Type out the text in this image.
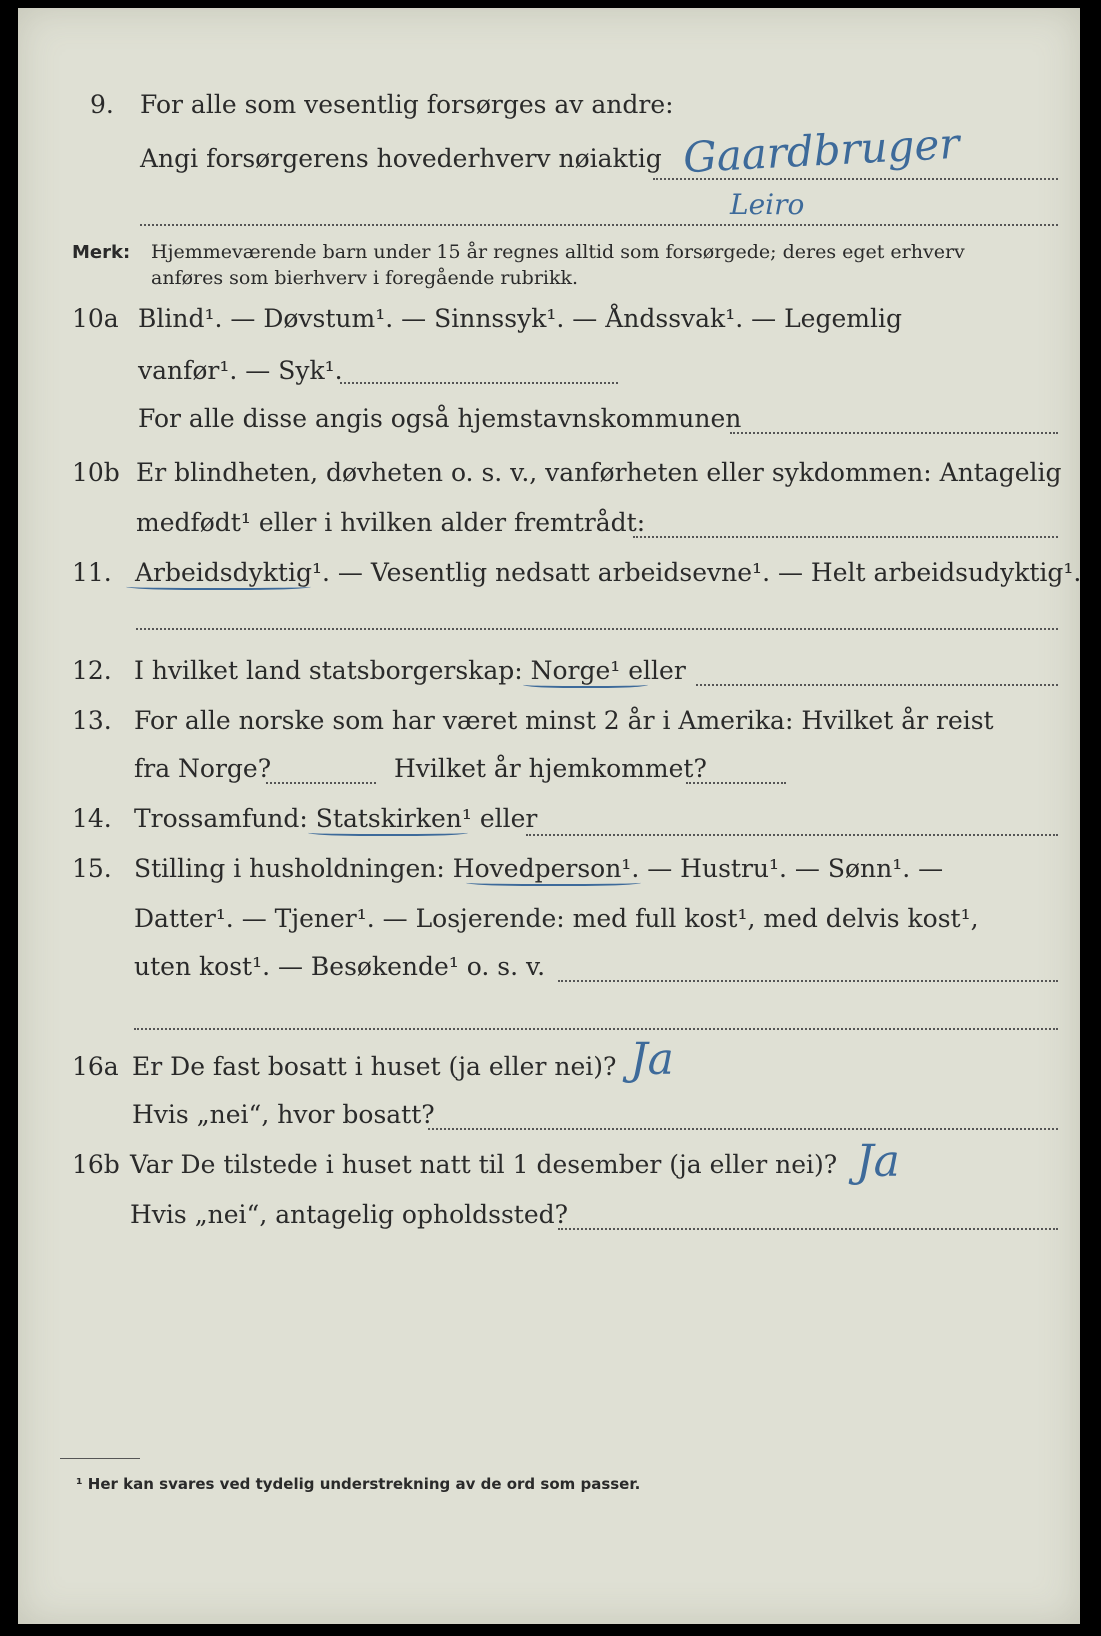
9. For alle som vesentlig forsørges av andre:
Angi forsørgerens hovederhverv nøiaktig Gaardbruger
Leiro
Merk: Hjemmeværende barn under 15 år regnes alltid som forsørgede; deres eget erhverv
anføres som bierhverv i foregående rubrikk.
10a Blind¹. — Døvstum¹. — Sinnssyk¹. — Åndssvak¹. — Legemlig
vanfør¹. — Syk¹.
For alle disse angis også hjemstavnskommunen
10b Er blindheten, døvheten o. s. v., vanførheten eller sykdommen: Antagelig
medfødt¹ eller i hvilken alder fremtrådt:
11. Arbeidsdyktig¹. — Vesentlig nedsatt arbeidsevne¹. — Helt arbeidsudyktig¹.
12. I hvilket land statsborgerskap: Norge¹ eller
13. For alle norske som har været minst 2 år i Amerika: Hvilket år reist
fra Norge?	Hvilket år hjemkommet?
14. Trossamfund: Statskirken¹ eller
15. Stilling i husholdningen: Hovedperson¹. — Hustru¹. — Sønn¹. —
Datter¹. — Tjener¹. — Losjerende: med full kost¹, med delvis kost¹,
uten kost¹. — Besøkende¹ o. s. v.
16a Er De fast bosatt i huset (ja eller nei)? Ja
Hvis „nei“, hvor bosatt?
16b Var De tilstede i huset natt til 1 desember (ja eller nei)? Ja
Hvis „nei“, antagelig opholdssted?
¹ Her kan svares ved tydelig understrekning av de ord som passer.
